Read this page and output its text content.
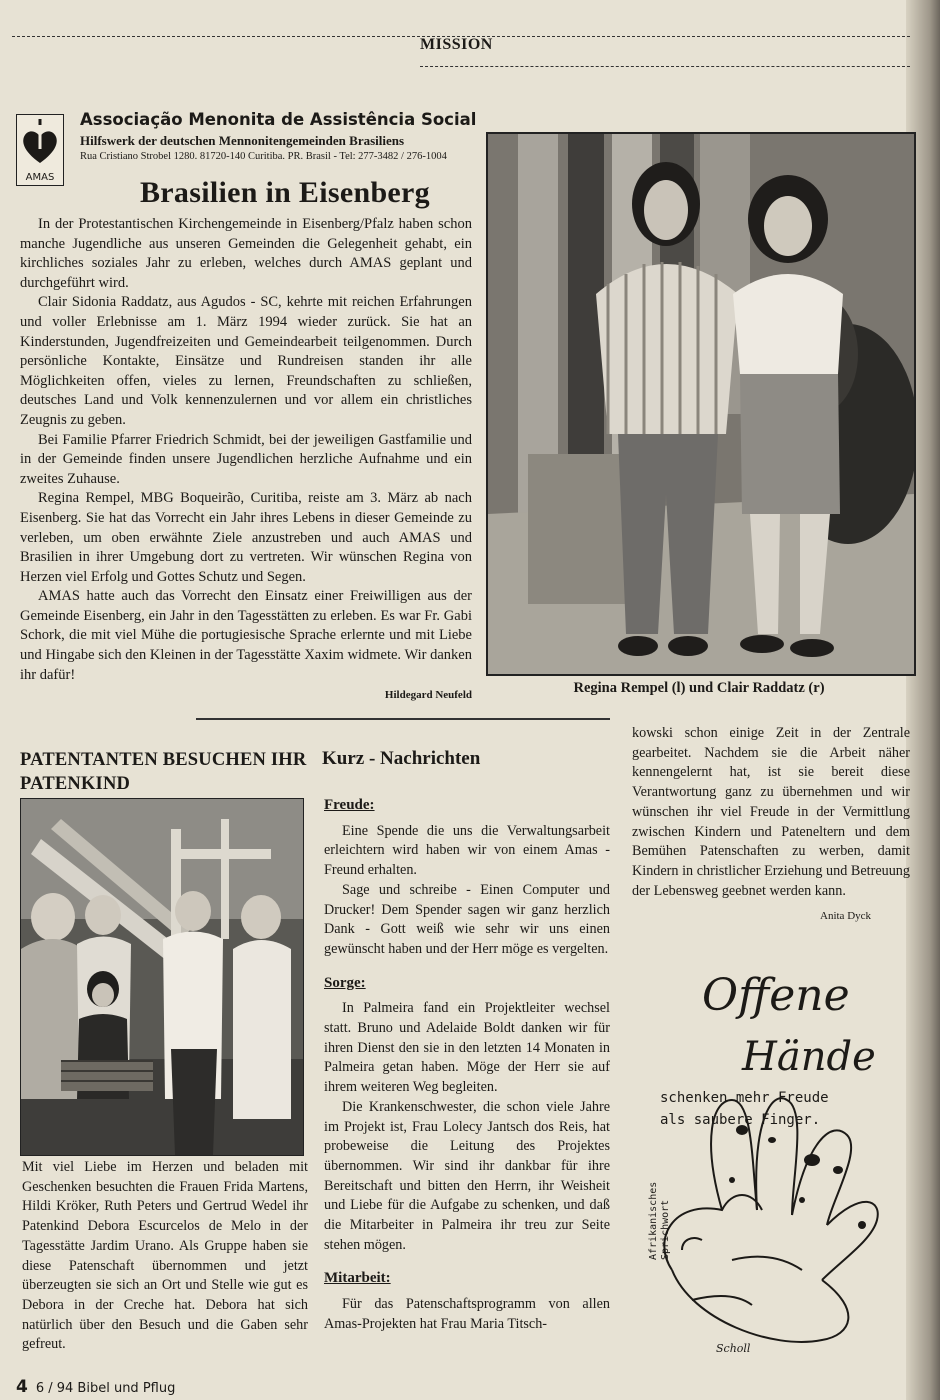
MISSION
AMAS
Associação Menonita de Assistência Social
Hilfswerk der deutschen Mennonitengemeinden Brasiliens
Rua Cristiano Strobel 1280. 81720-140 Curitiba. PR. Brasil - Tel: 277-3482 / 276-1004
Brasilien in Eisenberg

In der Protestantischen Kirchengemeinde in Eisenberg/Pfalz haben schon manche Jugendliche aus unseren Gemeinden die Gelegenheit gehabt, ein kirchliches soziales Jahr zu erleben, welches durch AMAS geplant und durchgeführt wird.

Clair Sidonia Raddatz, aus Agudos - SC, kehrte mit reichen Erfahrungen und voller Erlebnisse am 1. März 1994 wieder zurück. Sie hat an Kinderstunden, Jugendfreizeiten und Gemeindearbeit teilgenommen. Durch persönliche Kontakte, Einsätze und Rundreisen standen ihr alle Möglichkeiten offen, vieles zu lernen, Freundschaften zu schließen, deutsches Land und Volk kennenzulernen und vor allem ein christliches Zeugnis zu geben.

Bei Familie Pfarrer Friedrich Schmidt, bei der jeweiligen Gastfamilie und in der Gemeinde finden unsere Jugendlichen herzliche Aufnahme und ein zweites Zuhause.

Regina Rempel, MBG Boqueirão, Curitiba, reiste am 3. März ab nach Eisenberg. Sie hat das Vorrecht ein Jahr ihres Lebens in dieser Gemeinde zu verleben, um oben erwähnte Ziele anzustreben und auch AMAS und Brasilien in ihrer Umgebung dort zu vertreten. Wir wünschen Regina von Herzen viel Erfolg und Gottes Schutz und Segen.

AMAS hatte auch das Vorrecht den Einsatz einer Freiwilligen aus der Gemeinde Eisenberg, ein Jahr in den Tagesstätten zu erleben. Es war Fr. Gabi Schork, die mit viel Mühe die portugiesische Sprache erlernte und mit Liebe und Hingabe sich den Kleinen in der Tagesstätte Xaxim widmete. Wir danken ihr dafür!

Hildegard Neufeld	Regina Rempel (l) und Clair Raddatz (r)
PATENTANTEN BESUCHEN IHR PATENKIND
Mit viel Liebe im Herzen und beladen mit Geschenken besuchten die Frauen Frida Martens, Hildi Kröker, Ruth Peters und Gertrud Wedel ihr Patenkind Debora Escurcelos de Melo in der Tagesstätte Jardim Urano. Als Gruppe haben sie diese Patenschaft übernommen und jetzt überzeugten sie sich an Ort und Stelle wie gut es Debora in der Creche hat. Debora hat sich natürlich über den Besuch und die Gaben sehr gefreut.
Kurz - Nachrichten
Freude:

Eine Spende die uns die Verwaltungsarbeit erleichtern wird haben wir von einem Amas - Freund erhalten.

Sage und schreibe - Einen Computer und Drucker! Dem Spender sagen wir ganz herzlich Dank - Gott weiß wie sehr wir uns einen gewünscht haben und der Herr möge es vergelten.

Sorge:

In Palmeira fand ein Projektleiter wechsel statt. Bruno und Adelaide Boldt danken wir für ihren Dienst den sie in den letzten 14 Monaten in Palmeira getan haben. Möge der Herr sie auf ihrem weiteren Weg begleiten.

Die Krankenschwester, die schon viele Jahre im Projekt ist, Frau Lolecy Jantsch dos Reis, hat probeweise die Leitung des Projektes übernommen. Wir sind ihr dankbar für ihre Bereitschaft und bitten den Herrn, ihr Weisheit und Liebe für die Aufgabe zu schenken, und daß die Mitarbeiter in Palmeira ihr treu zur Seite stehen mögen.

Mitarbeit:

Für das Patenschaftsprogramm von allen Amas-Projekten hat Frau Maria Titsch-

kowski schon einige Zeit in der Zentrale gearbeitet. Nachdem sie die Arbeit näher kennengelernt hat, ist sie bereit diese Verantwortung ganz zu übernehmen und wir wünschen ihr viel Freude in der Vermittlung zwischen Kindern und Pateneltern und dem Bemühen Patenschaften zu werben, damit Kindern in christlicher Erziehung und Betreuung der Lebensweg geebnet werden kann.
Anita Dyck
Offene
Hände
Scholl
schenken mehr Freude
als saubere Finger.
Afrikanisches Sprichwort
4 6 / 94 Bibel und Pflug
